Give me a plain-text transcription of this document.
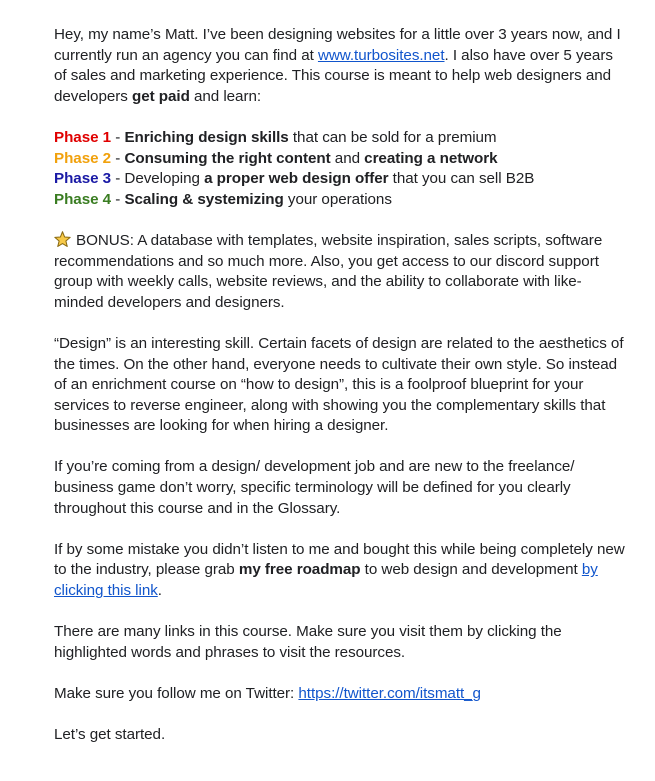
Hey, my name’s Matt. I’ve been designing websites for a little over 3 years now, and I currently run an agency you can find at www.turbosites.net. I also have over 5 years of sales and marketing experience. This course is meant to help web designers and developers get paid and learn:

Phase 1 - Enriching design skills that can be sold for a premium

Phase 2 - Consuming the right content and creating a network

Phase 3 - Developing a proper web design offer that you can sell B2B

Phase 4 - Scaling & systemizing your operations

BONUS: A database with templates, website inspiration, sales scripts, software recommendations and so much more. Also, you get access to our discord support group with weekly calls, website reviews, and the ability to collaborate with like-minded developers and designers.

“Design” is an interesting skill. Certain facets of design are related to the aesthetics of the times. On the other hand, everyone needs to cultivate their own style. So instead of an enrichment course on “how to design”, this is a foolproof blueprint for your services to reverse engineer, along with showing you the complementary skills that businesses are looking for when hiring a designer.

If you’re coming from a design/ development job and are new to the freelance/ business game don’t worry, specific terminology will be defined for you clearly throughout this course and in the Glossary.

If by some mistake you didn’t listen to me and bought this while being completely new to the industry, please grab my free roadmap to web design and development by clicking this link.

There are many links in this course. Make sure you visit them by clicking the highlighted words and phrases to visit the resources.

Make sure you follow me on Twitter: https://twitter.com/itsmatt_g

Let’s get started.
